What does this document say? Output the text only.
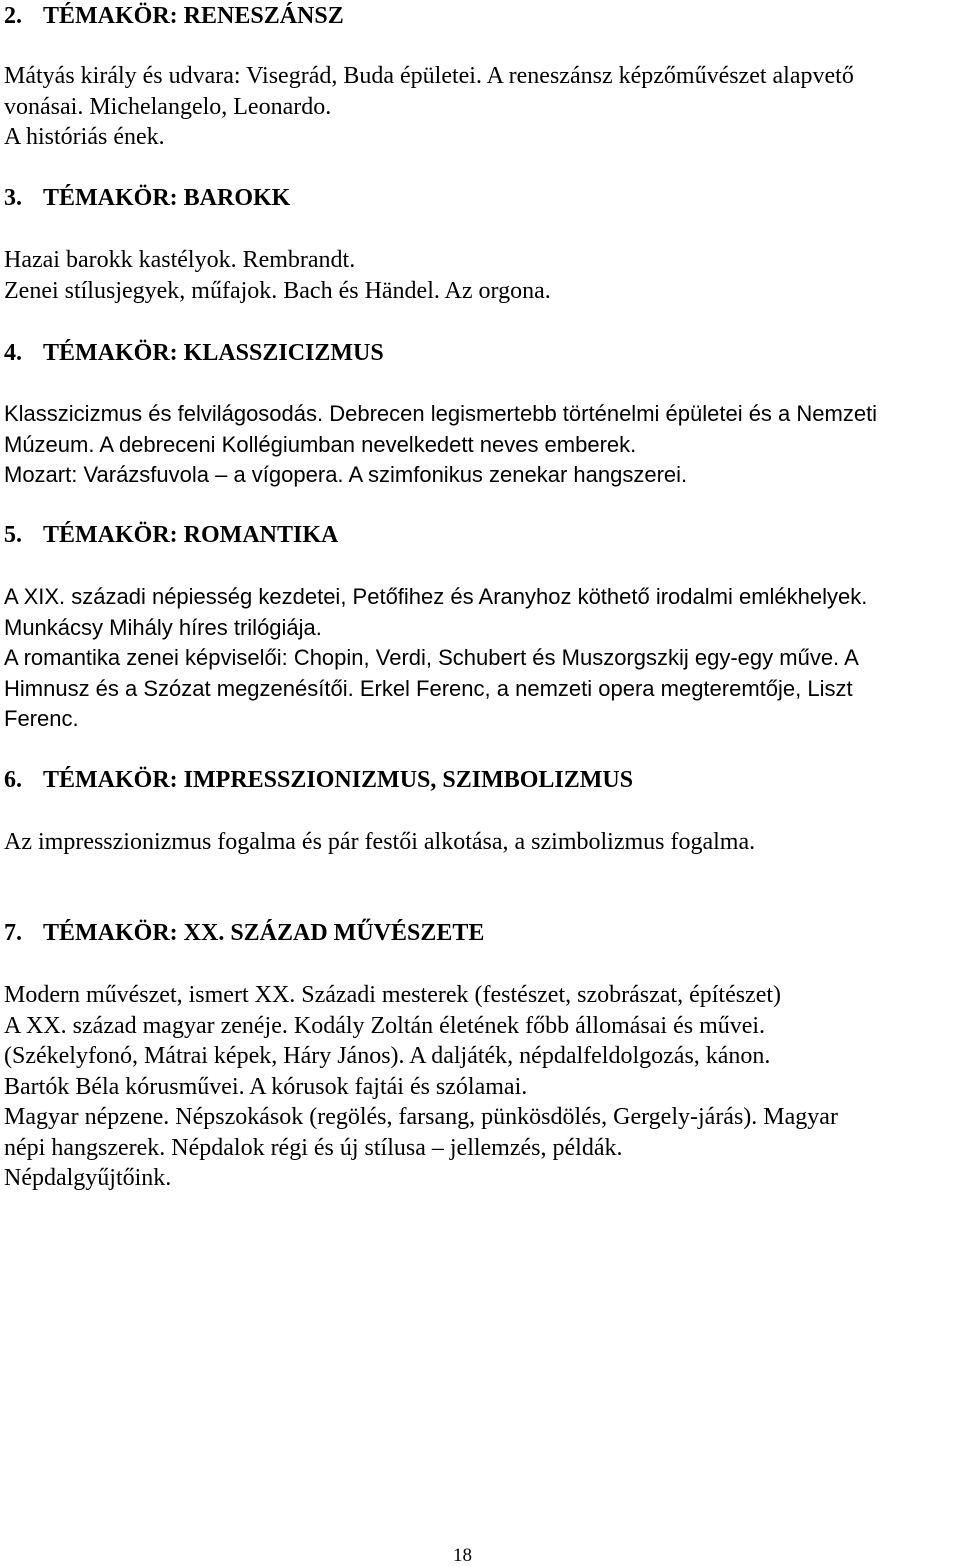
2. TÉMAKÖR: RENESZÁNSZ
Mátyás király és udvara: Visegrád, Buda épületei. A reneszánsz képzőművészet alapvető
vonásai. Michelangelo, Leonardo.
A históriás ének.
3. TÉMAKÖR: BAROKK
Hazai barokk kastélyok. Rembrandt.
Zenei stílusjegyek, műfajok. Bach és Händel. Az orgona.
4. TÉMAKÖR: KLASSZICIZMUS
Klasszicizmus és felvilágosodás. Debrecen legismertebb történelmi épületei és a Nemzeti
Múzeum. A debreceni Kollégiumban nevelkedett neves emberek.
Mozart: Varázsfuvola – a vígopera. A szimfonikus zenekar hangszerei.
5. TÉMAKÖR: ROMANTIKA
A XIX. századi népiesség kezdetei, Petőfihez és Aranyhoz köthető irodalmi emlékhelyek.
Munkácsy Mihály híres trilógiája.
A romantika zenei képviselői: Chopin, Verdi, Schubert és Muszorgszkij egy-egy műve. A
Himnusz és a Szózat megzenésítői. Erkel Ferenc, a nemzeti opera megteremtője, Liszt
Ferenc.
6. TÉMAKÖR: IMPRESSZIONIZMUS, SZIMBOLIZMUS
Az impresszionizmus fogalma és pár festői alkotása, a szimbolizmus fogalma.
7. TÉMAKÖR: XX. SZÁZAD MŰVÉSZETE
Modern művészet, ismert XX. Századi mesterek (festészet, szobrászat, építészet)
A XX. század magyar zenéje. Kodály Zoltán életének főbb állomásai és művei.
(Székelyfonó, Mátrai képek, Háry János). A daljáték, népdalfeldolgozás, kánon.
Bartók Béla kórusművei. A kórusok fajtái és szólamai.
Magyar népzene. Népszokások (regölés, farsang, pünkösdölés, Gergely-járás). Magyar
népi hangszerek. Népdalok régi és új stílusa – jellemzés, példák.
Népdalgyűjtőink.
18
